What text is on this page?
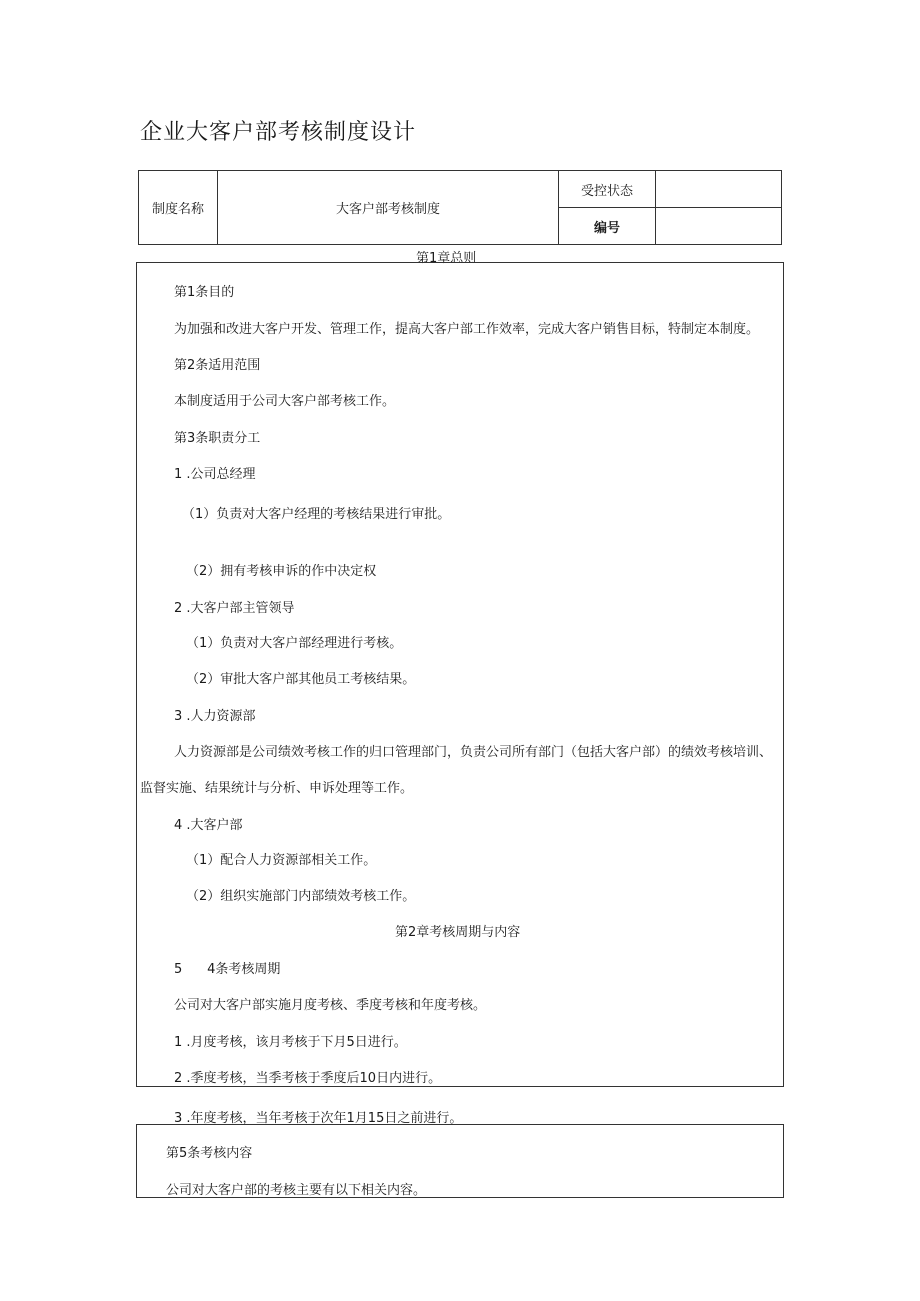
企业大客户部考核制度设计
制度名称	大客户部考核制度	受控状态	
		编号	
第1章总则
第1条目的
为加强和改进大客户开发、管理工作，提高大客户部工作效率，完成大客户销售目标，特制定本制度。
第2条适用范围
本制度适用于公司大客户部考核工作。
第3条职责分工
1 .公司总经理
（1）负责对大客户经理的考核结果进行审批。
（2）拥有考核申诉的作中决定权
2 .大客户部主管领导
（1）负责对大客户部经理进行考核。
（2）审批大客户部其他员工考核结果。
3 .人力资源部
人力资源部是公司绩效考核工作的归口管理部门，负责公司所有部门（包括大客户部）的绩效考核培训、
监督实施、结果统计与分析、申诉处理等工作。
4 .大客户部
（1）配合人力资源部相关工作。
（2）组织实施部门内部绩效考核工作。
第2章考核周期与内容
5      4条考核周期
公司对大客户部实施月度考核、季度考核和年度考核。
1 .月度考核，该月考核于下月5日进行。
2 .季度考核，当季考核于季度后10日内进行。
3 .年度考核，当年考核于次年1月15日之前进行。
第5条考核内容
公司对大客户部的考核主要有以下相关内容。
